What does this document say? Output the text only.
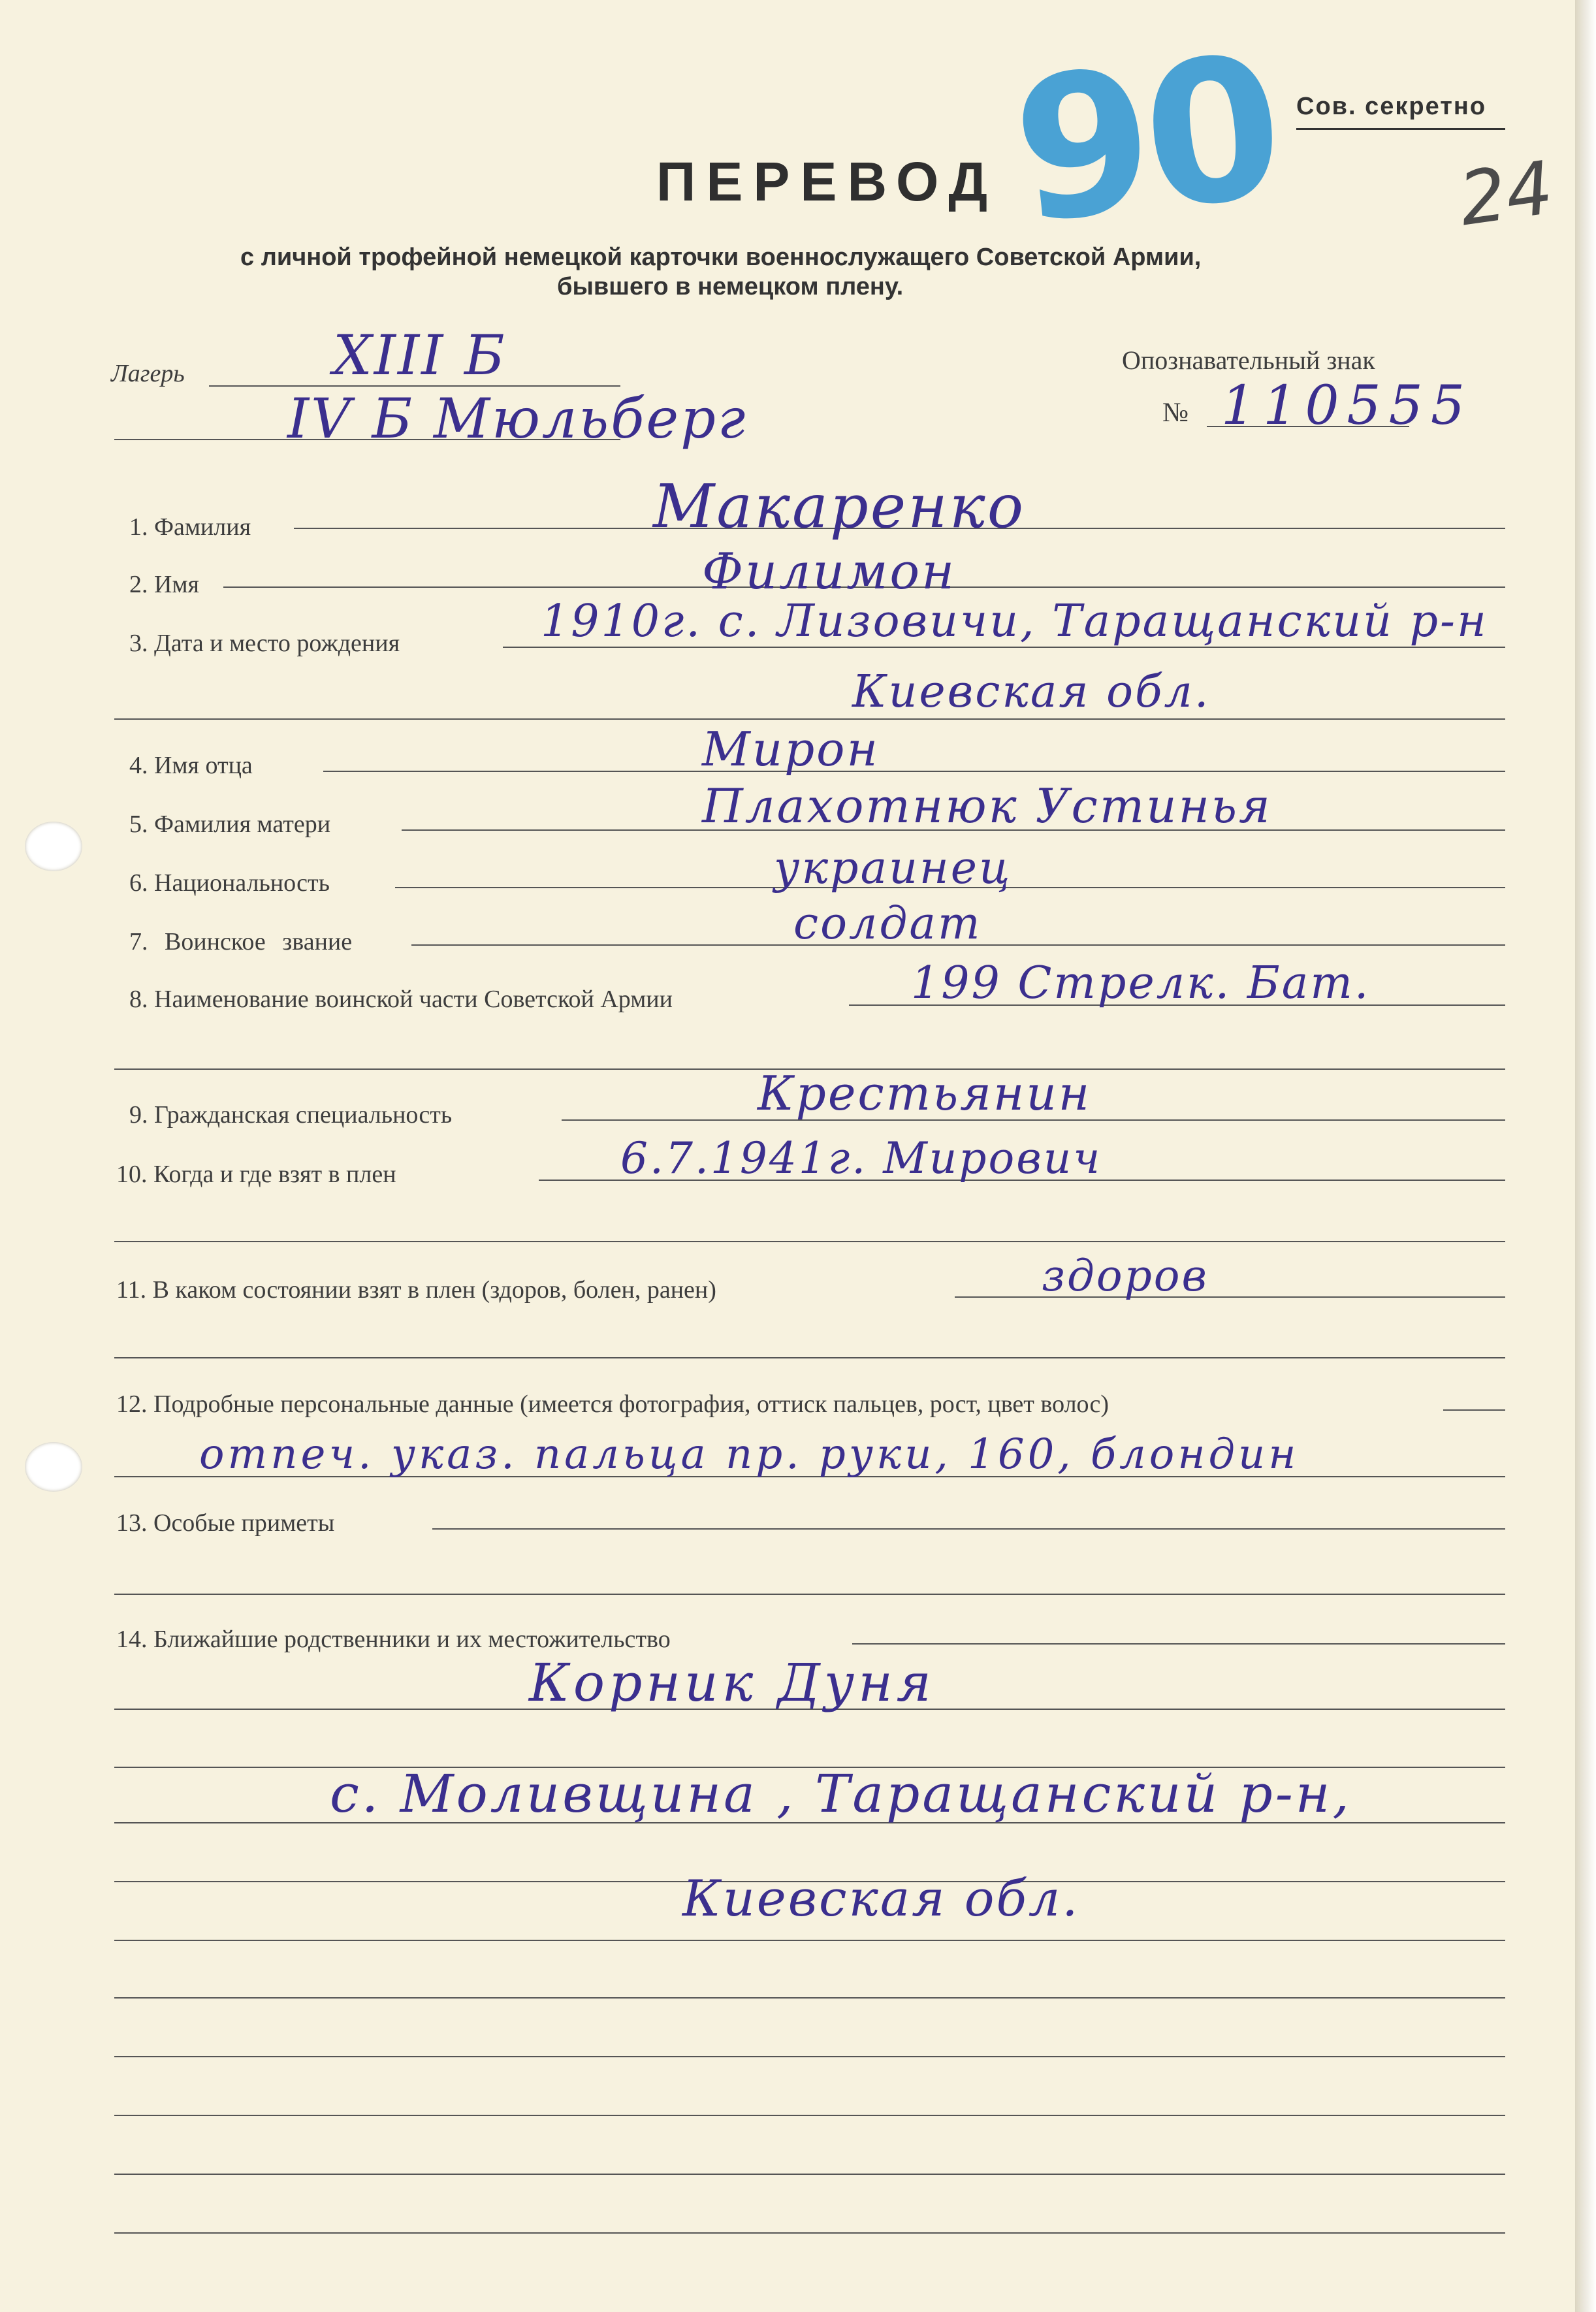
Сов. секретно
24
ПЕРЕВОД 90
с личной трофейной немецкой карточки военнослужащего Советской Армии,
бывшего в немецком плену.
Лагерь	XIII Б
IV Б Мюльберг
Опознавательный знак
№ 110555
1. Фамилия	Макаренко
2. Имя	Филимон
3. Дата и место рождения	1910г. с. Лизовичи, Таращанский р-н
Киевская обл.
4. Имя отца	Мирон
5. Фамилия матери	Плахотнюк Устинья
6. Национальность	украинец
7. Воинское звание	солдат
8. Наименование воинской части Советской Армии	199 Стрелк. Бат.
9. Гражданская специальность	Крестьянин
10. Когда и где взят в плен	6.7.1941г. Мирович
11. В каком состоянии взят в плен (здоров, болен, ранен)	здоров
12. Подробные персональные данные (имеется фотография, оттиск пальцев, рост, цвет волос)
отпеч. указ. пальца пр. руки, 160, блондин
13. Особые приметы
14. Ближайшие родственники и их местожительство
Корник Дуня
с. Моливщина , Таращанский р-н,
Киевская обл.
